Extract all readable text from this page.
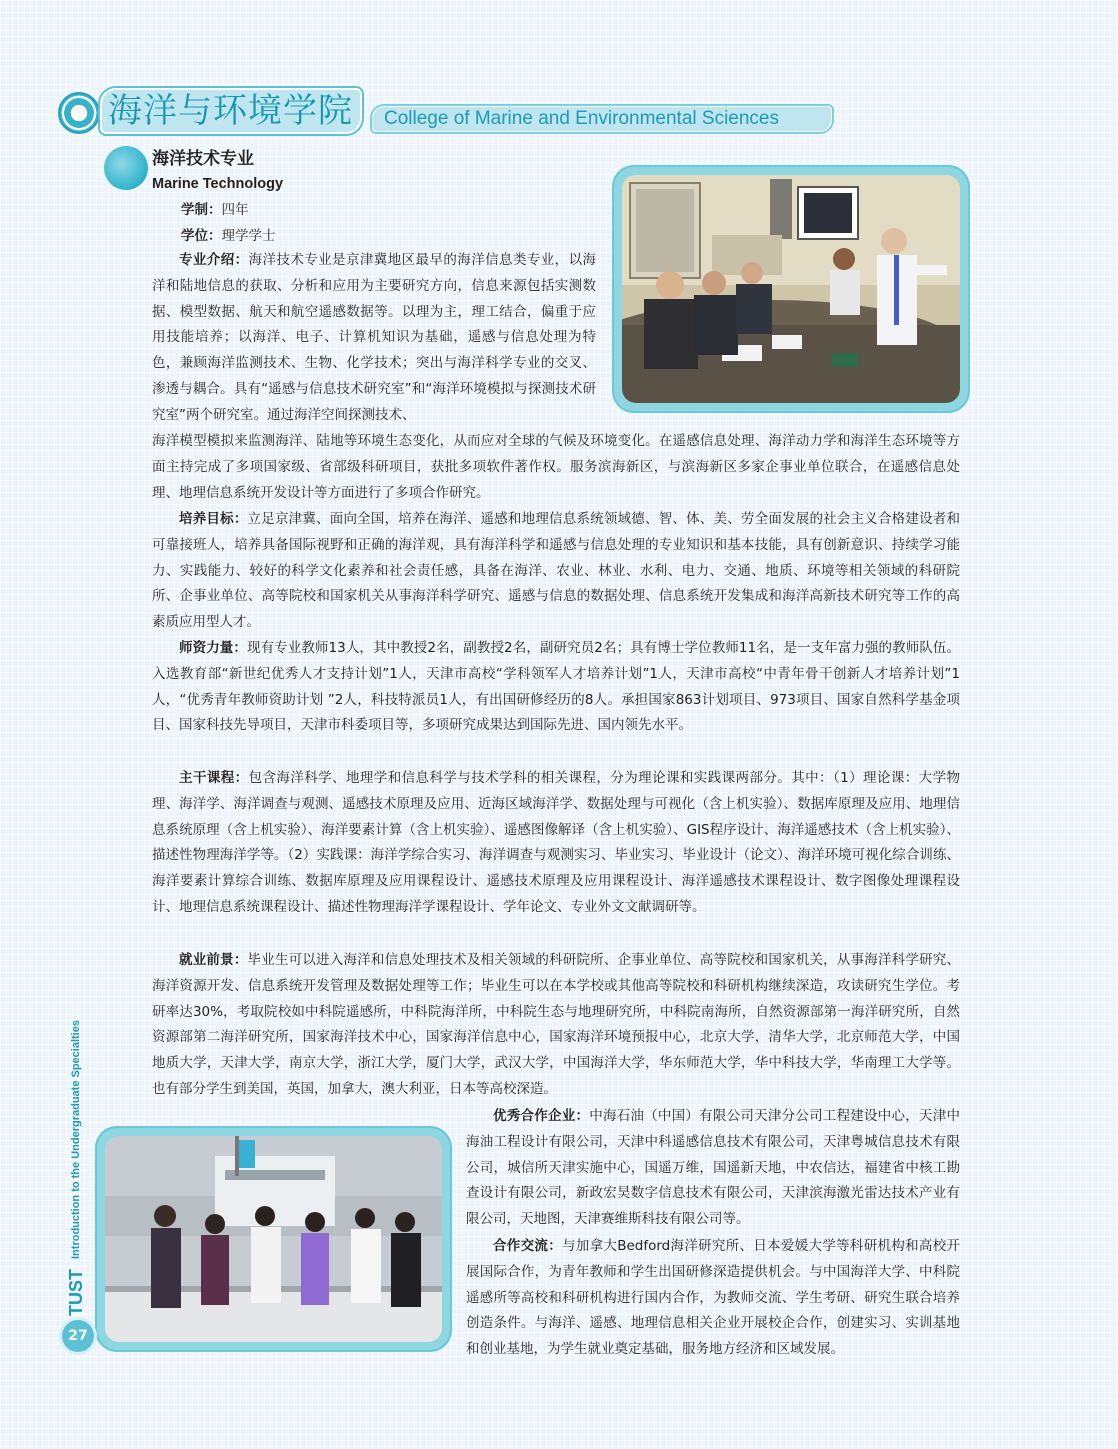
海洋与环境学院 College of Marine and Environmental Sciences
海洋技术专业
Marine Technology
学制：四年
学位：理学学士
专业介绍：海洋技术专业是京津冀地区最早的海洋信息类专业，以海洋和陆地信息的获取、分析和应用为主要研究方向，信息来源包括实测数据、模型数据、航天和航空遥感数据等。以理为主，理工结合，偏重于应用技能培养；以海洋、电子、计算机知识为基础，遥感与信息处理为特色，兼顾海洋监测技术、生物、化学技术；突出与海洋科学专业的交叉、渗透与耦合。具有“遥感与信息技术研究室”和“海洋环境模拟与探测技术研究室”两个研究室。通过海洋空间探测技术、
海洋模型模拟来监测海洋、陆地等环境生态变化，从而应对全球的气候及环境变化。在遥感信息处理、海洋动力学和海洋生态环境等方面主持完成了多项国家级、省部级科研项目，获批多项软件著作权。服务滨海新区，与滨海新区多家企事业单位联合，在遥感信息处理、地理信息系统开发设计等方面进行了多项合作研究。
培养目标：立足京津冀、面向全国，培养在海洋、遥感和地理信息系统领域德、智、体、美、劳全面发展的社会主义合格建设者和可靠接班人，培养具备国际视野和正确的海洋观，具有海洋科学和遥感与信息处理的专业知识和基本技能，具有创新意识、持续学习能力、实践能力、较好的科学文化素养和社会责任感，具备在海洋、农业、林业、水利、电力、交通、地质、环境等相关领域的科研院所、企事业单位、高等院校和国家机关从事海洋科学研究、遥感与信息的数据处理、信息系统开发集成和海洋高新技术研究等工作的高素质应用型人才。
师资力量：现有专业教师13人，其中教授2名，副教授2名，副研究员2名；具有博士学位教师11名，是一支年富力强的教师队伍。入选教育部“新世纪优秀人才支持计划”1人，天津市高校“学科领军人才培养计划”1人，天津市高校“中青年骨干创新人才培养计划”1人，“优秀青年教师资助计划 ”2人，科技特派员1人，有出国研修经历的8人。承担国家863计划项目、973项目、国家自然科学基金项目、国家科技先导项目，天津市科委项目等，多项研究成果达到国际先进、国内领先水平。
主干课程：包含海洋科学、地理学和信息科学与技术学科的相关课程，分为理论课和实践课两部分。其中：（1）理论课：大学物理、海洋学、海洋调查与观测、遥感技术原理及应用、近海区域海洋学、数据处理与可视化（含上机实验）、数据库原理及应用、地理信息系统原理（含上机实验）、海洋要素计算（含上机实验）、遥感图像解译（含上机实验）、GIS程序设计、海洋遥感技术（含上机实验）、描述性物理海洋学等。（2）实践课：海洋学综合实习、海洋调查与观测实习、毕业实习、毕业设计（论文）、海洋环境可视化综合训练、海洋要素计算综合训练、数据库原理及应用课程设计、遥感技术原理及应用课程设计、海洋遥感技术课程设计、数字图像处理课程设计、地理信息系统课程设计、描述性物理海洋学课程设计、学年论文、专业外文文献调研等。
就业前景：毕业生可以进入海洋和信息处理技术及相关领域的科研院所、企事业单位、高等院校和国家机关，从事海洋科学研究、海洋资源开发、信息系统开发管理及数据处理等工作；毕业生可以在本学校或其他高等院校和科研机构继续深造，攻读研究生学位。考研率达30%，考取院校如中科院遥感所，中科院海洋所，中科院生态与地理研究所，中科院南海所，自然资源部第一海洋研究所，自然资源部第二海洋研究所，国家海洋技术中心，国家海洋信息中心，国家海洋环境预报中心，北京大学，清华大学，北京师范大学，中国地质大学，天津大学，南京大学，浙江大学，厦门大学，武汉大学，中国海洋大学，华东师范大学，华中科技大学，华南理工大学等。也有部分学生到美国，英国，加拿大，澳大利亚，日本等高校深造。
优秀合作企业：中海石油（中国）有限公司天津分公司工程建设中心，天津中海油工程设计有限公司，天津中科遥感信息技术有限公司，天津粤城信息技术有限公司，城信所天津实施中心，国遥万维，国遥新天地，中农信达，福建省中核工勘查设计有限公司，新政宏昊数字信息技术有限公司，天津滨海激光雷达技术产业有限公司，天地图，天津赛维斯科技有限公司等。
合作交流：与加拿大Bedford海洋研究所、日本爱媛大学等科研机构和高校开展国际合作，为青年教师和学生出国研修深造提供机会。与中国海洋大学、中科院遥感所等高校和科研机构进行国内合作，为教师交流、学生考研、研究生联合培养创造条件。与海洋、遥感、地理信息相关企业开展校企合作，创建实习、实训基地和创业基地，为学生就业奠定基础，服务地方经济和区域发展。
TUST
Introduction to the Undergraduate Specialties
27
